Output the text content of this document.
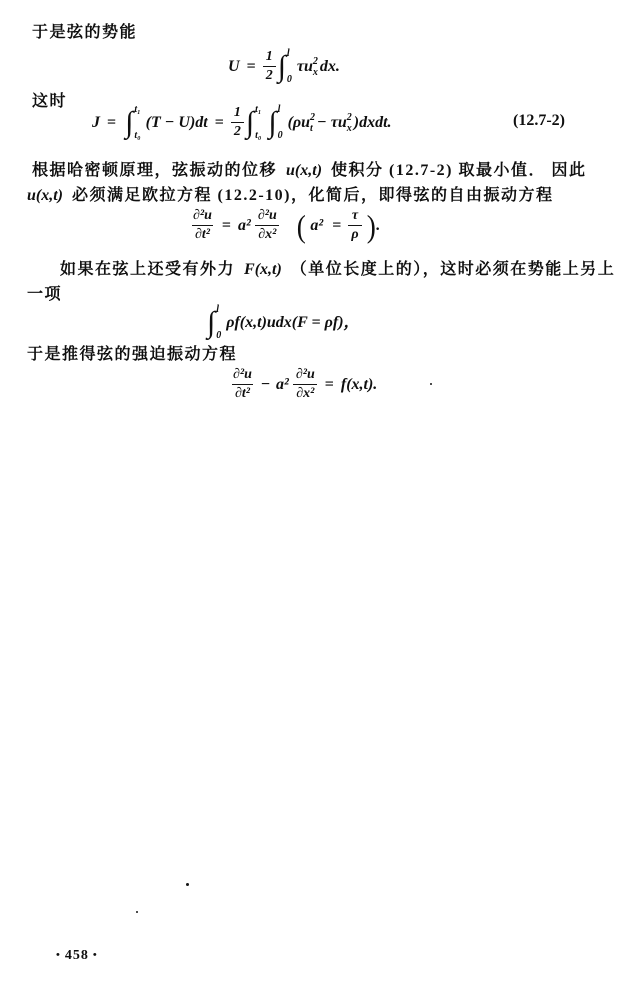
于是弦的势能
$U = \frac{1}{2}$ ∫ l
0
τu 2
x dx.
这时
J = ∫ t₁
t₀
$(T - U)dt = \frac{1}{2}$ ∫ t₁
t₀ ∫ l
0
(ρu 2
t − τu 2
x )dxdt.	(12.7-2)
根据哈密顿原理，弦振动的位移 u(x,t) 使积分 (12.7-2) 取最小值． 因此
u(x,t) 必须满足欧拉方程 (12.2-10)，化简后，即得弦的自由振动方程
$\frac{\text{∂²u}}{\text{∂t²}} = a^2 \frac{\text{∂²u}}{\text{∂x²}}$ ( $a^2 = \frac{\tau}{\rho}$ ) .
如果在弦上还受有外力 F(x,t) （单位长度上的），这时必须在势能上另上
一项
∫ l
0
ρf(x,t)udx(F = ρf) ，
于是推得弦的强迫振动方程
$\frac{\text{∂²u}}{\text{∂t²}} - a^2 \frac{\text{∂²u}}{\text{∂x²}} = f(x,t)$.
• 458 •
